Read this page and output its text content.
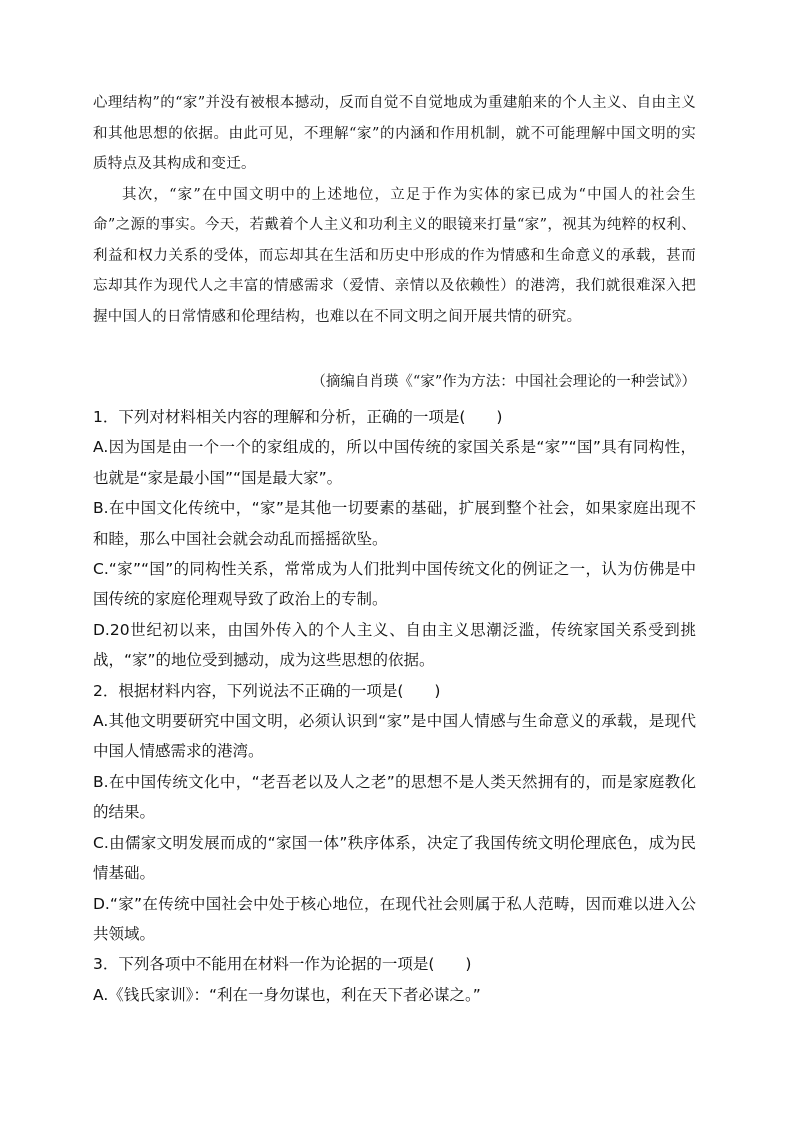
心理结构”的“家”并没有被根本撼动，反而自觉不自觉地成为重建舶来的个人主义、自由主义和其他思想的依据。由此可见，不理解“家”的内涵和作用机制，就不可能理解中国文明的实质特点及其构成和变迁。

其次，“家”在中国文明中的上述地位，立足于作为实体的家已成为“中国人的社会生命”之源的事实。今天，若戴着个人主义和功利主义的眼镜来打量“家”，视其为纯粹的权利、利益和权力关系的受体，而忘却其在生活和历史中形成的作为情感和生命意义的承载，甚而忘却其作为现代人之丰富的情感需求（爱情、亲情以及依赖性）的港湾，我们就很难深入把握中国人的日常情感和伦理结构，也难以在不同文明之间开展共情的研究。

（摘编自肖瑛《“家”作为方法：中国社会理论的一种尝试》）

1．下列对材料相关内容的理解和分析，正确的一项是(　　)

A.因为国是由一个一个的家组成的，所以中国传统的家国关系是“家”“国”具有同构性，也就是“家是最小国”“国是最大家”。

B.在中国文化传统中，“家”是其他一切要素的基础，扩展到整个社会，如果家庭出现不和睦，那么中国社会就会动乱而摇摇欲坠。

C.“家”“国”的同构性关系，常常成为人们批判中国传统文化的例证之一，认为仿佛是中国传统的家庭伦理观导致了政治上的专制。

D.20世纪初以来，由国外传入的个人主义、自由主义思潮泛滥，传统家国关系受到挑战，“家”的地位受到撼动，成为这些思想的依据。

2．根据材料内容，下列说法不正确的一项是(　　)

A.其他文明要研究中国文明，必须认识到“家”是中国人情感与生命意义的承载，是现代中国人情感需求的港湾。

B.在中国传统文化中，“老吾老以及人之老”的思想不是人类天然拥有的，而是家庭教化的结果。

C.由儒家文明发展而成的“家国一体”秩序体系，决定了我国传统文明伦理底色，成为民情基础。

D.“家”在传统中国社会中处于核心地位，在现代社会则属于私人范畴，因而难以进入公共领域。

3．下列各项中不能用在材料一作为论据的一项是(　　)

A.《钱氏家训》：“利在一身勿谋也，利在天下者必谋之。”
